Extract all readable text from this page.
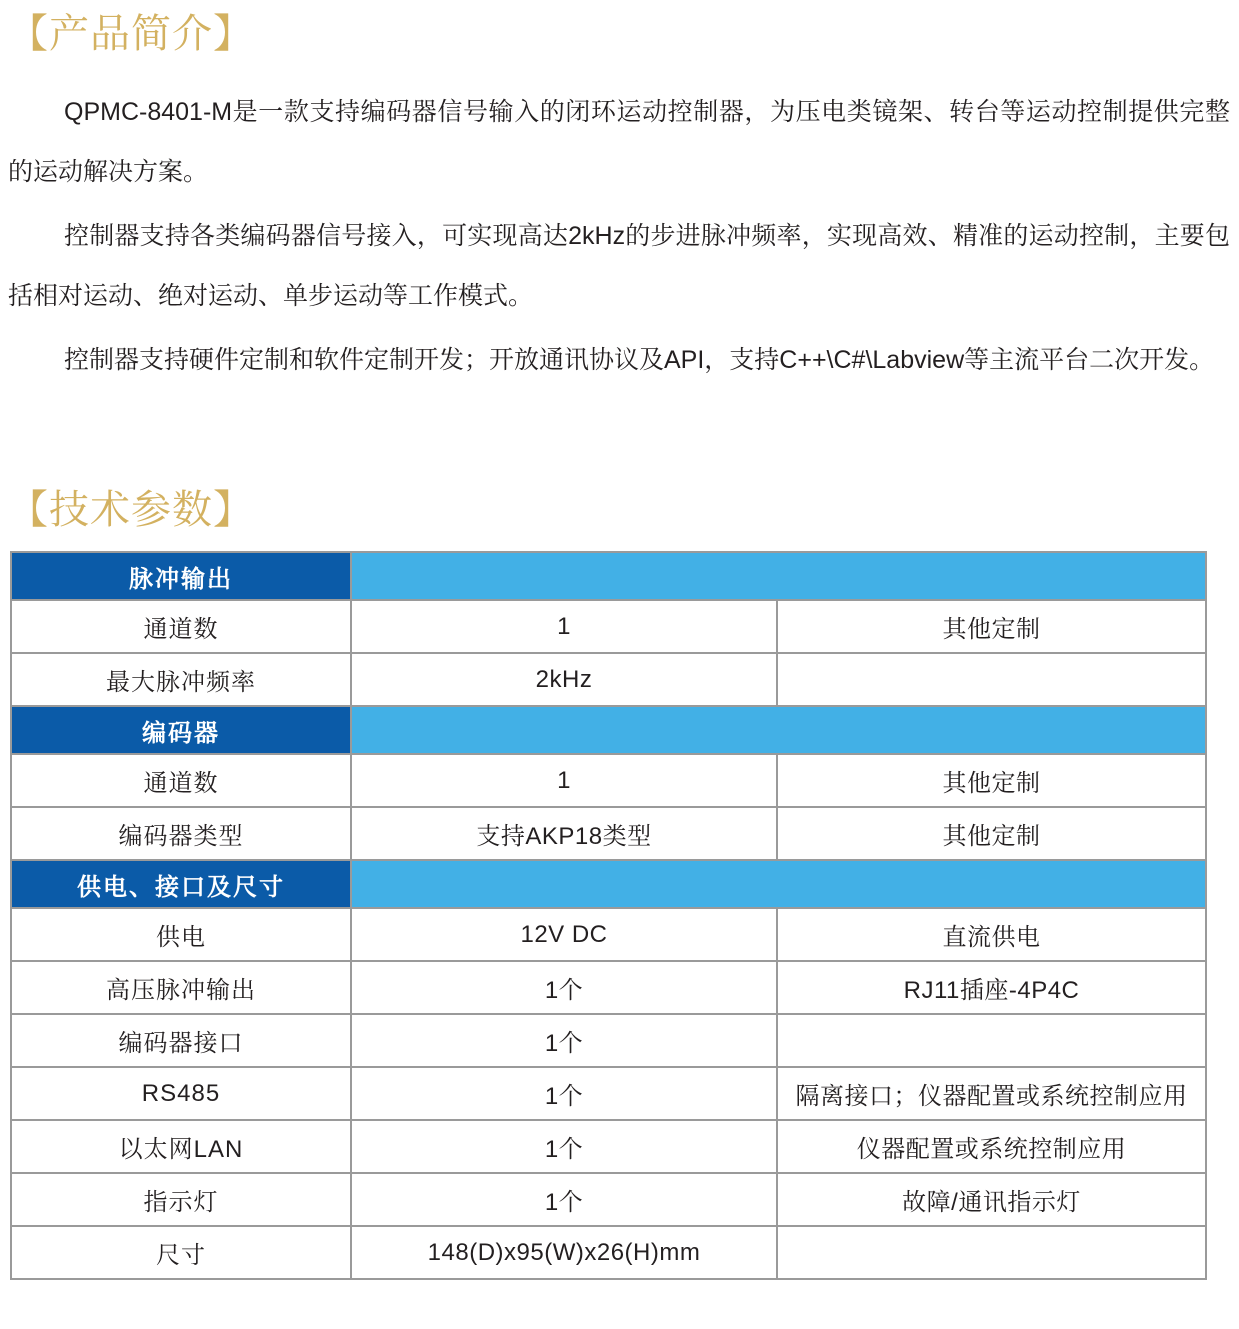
【产品简介】

QPMC-8401-M是一款支持编码器信号输入的闭环运动控制器，为压电类镜架、转台等运动控制提供完整的运动解决方案。

控制器支持各类编码器信号接入，可实现高达2kHz的步进脉冲频率，实现高效、精准的运动控制，主要包括相对运动、绝对运动、单步运动等工作模式。

控制器支持硬件定制和软件定制开发；开放通讯协议及API，支持C++\C#\Labview等主流平台二次开发。

【技术参数】
脉冲输出		
通道数	1	其他定制
最大脉冲频率	2kHz	
编码器		
通道数	1	其他定制
编码器类型	支持AKP18类型	其他定制
供电、接口及尺寸		
供电	12V DC	直流供电
高压脉冲输出	1个	RJ11插座-4P4C
编码器接口	1个	
RS485	1个	隔离接口；仪器配置或系统控制应用
以太网LAN	1个	仪器配置或系统控制应用
指示灯	1个	故障/通讯指示灯
尺寸	148(D)x95(W)x26(H)mm	
